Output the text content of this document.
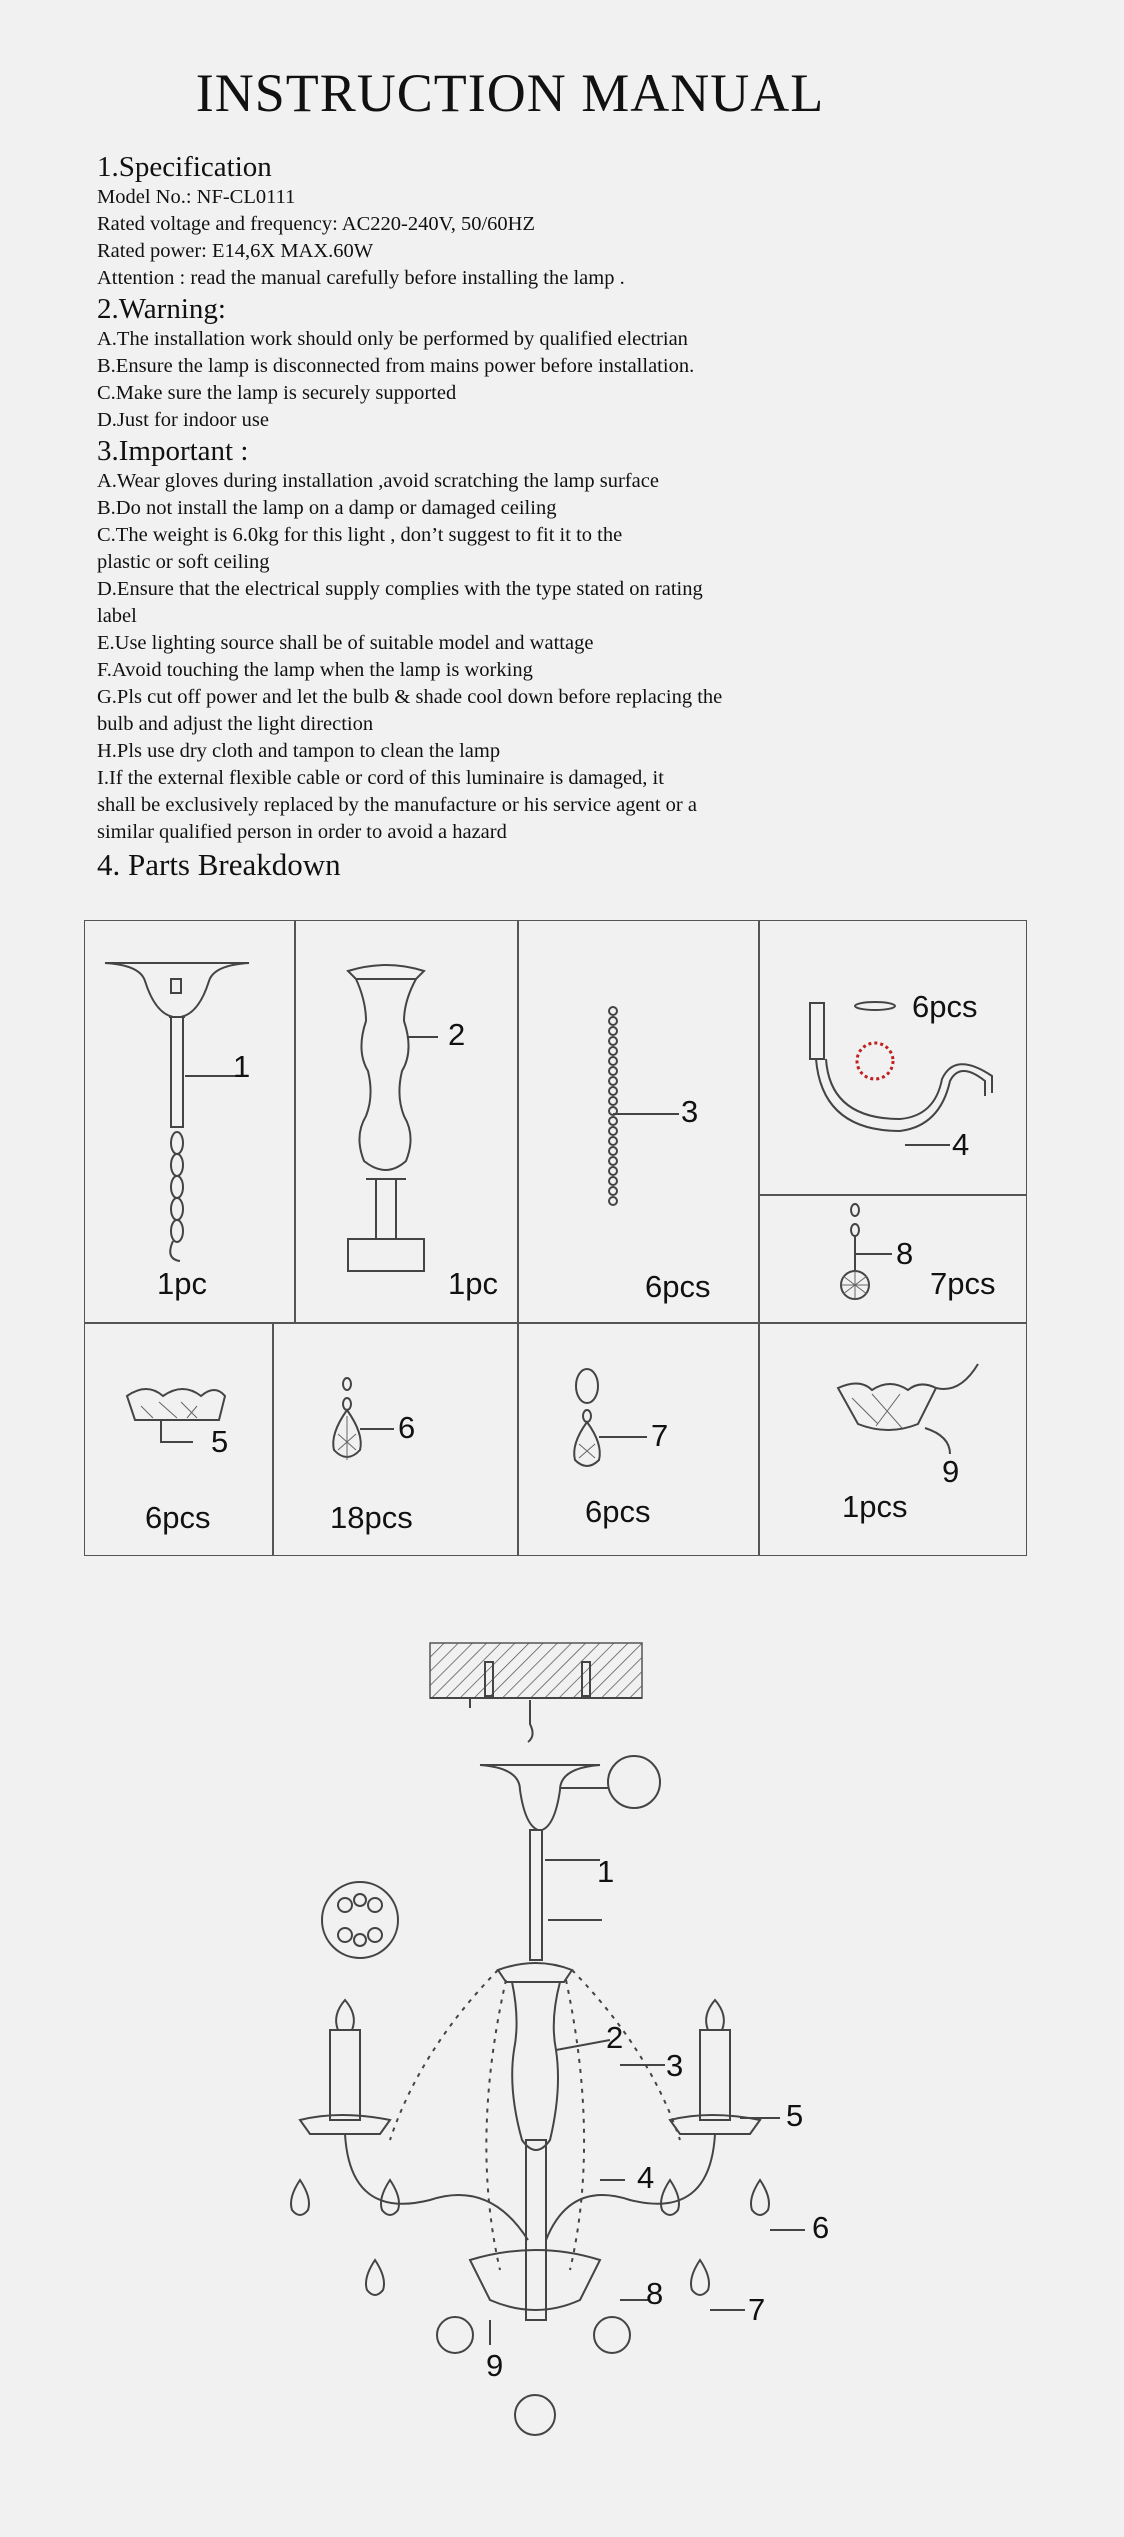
INSTRUCTION MANUAL

1.Specification

Model No.: NF-CL0111

Rated voltage and frequency: AC220-240V, 50/60HZ

Rated power: E14,6X MAX.60W

Attention : read the manual carefully before installing the lamp .

2.Warning:

A.The installation work should only be performed by qualified electrian

B.Ensure the lamp is disconnected from mains power before installation.

C.Make sure the lamp is securely supported

D.Just for indoor use

3.Important :

A.Wear gloves during installation ,avoid scratching the lamp surface

B.Do not install the lamp on a damp or damaged ceiling

C.The weight is 6.0kg for this light , don’t suggest to fit it to the

plastic or soft ceiling

D.Ensure that the electrical supply complies with the type stated on rating

label

E.Use lighting source shall be of suitable model and wattage

F.Avoid touching the lamp when the lamp is working

G.Pls cut off power and let the bulb & shade cool down before replacing the

bulb and adjust the light direction

H.Pls use dry cloth and tampon to clean the lamp

I.If the external flexible cable or cord of this luminaire is damaged, it

shall be exclusively replaced by the manufacture or his service agent or a

similar qualified person in order to avoid a hazard

4. Parts Breakdown

1
1pc
2
1pc
3
6pcs
6pcs
4
8
7pcs
5
6pcs
6
18pcs
7
6pcs
9
1pcs
1
2
3
4
5
6
7
8
9
